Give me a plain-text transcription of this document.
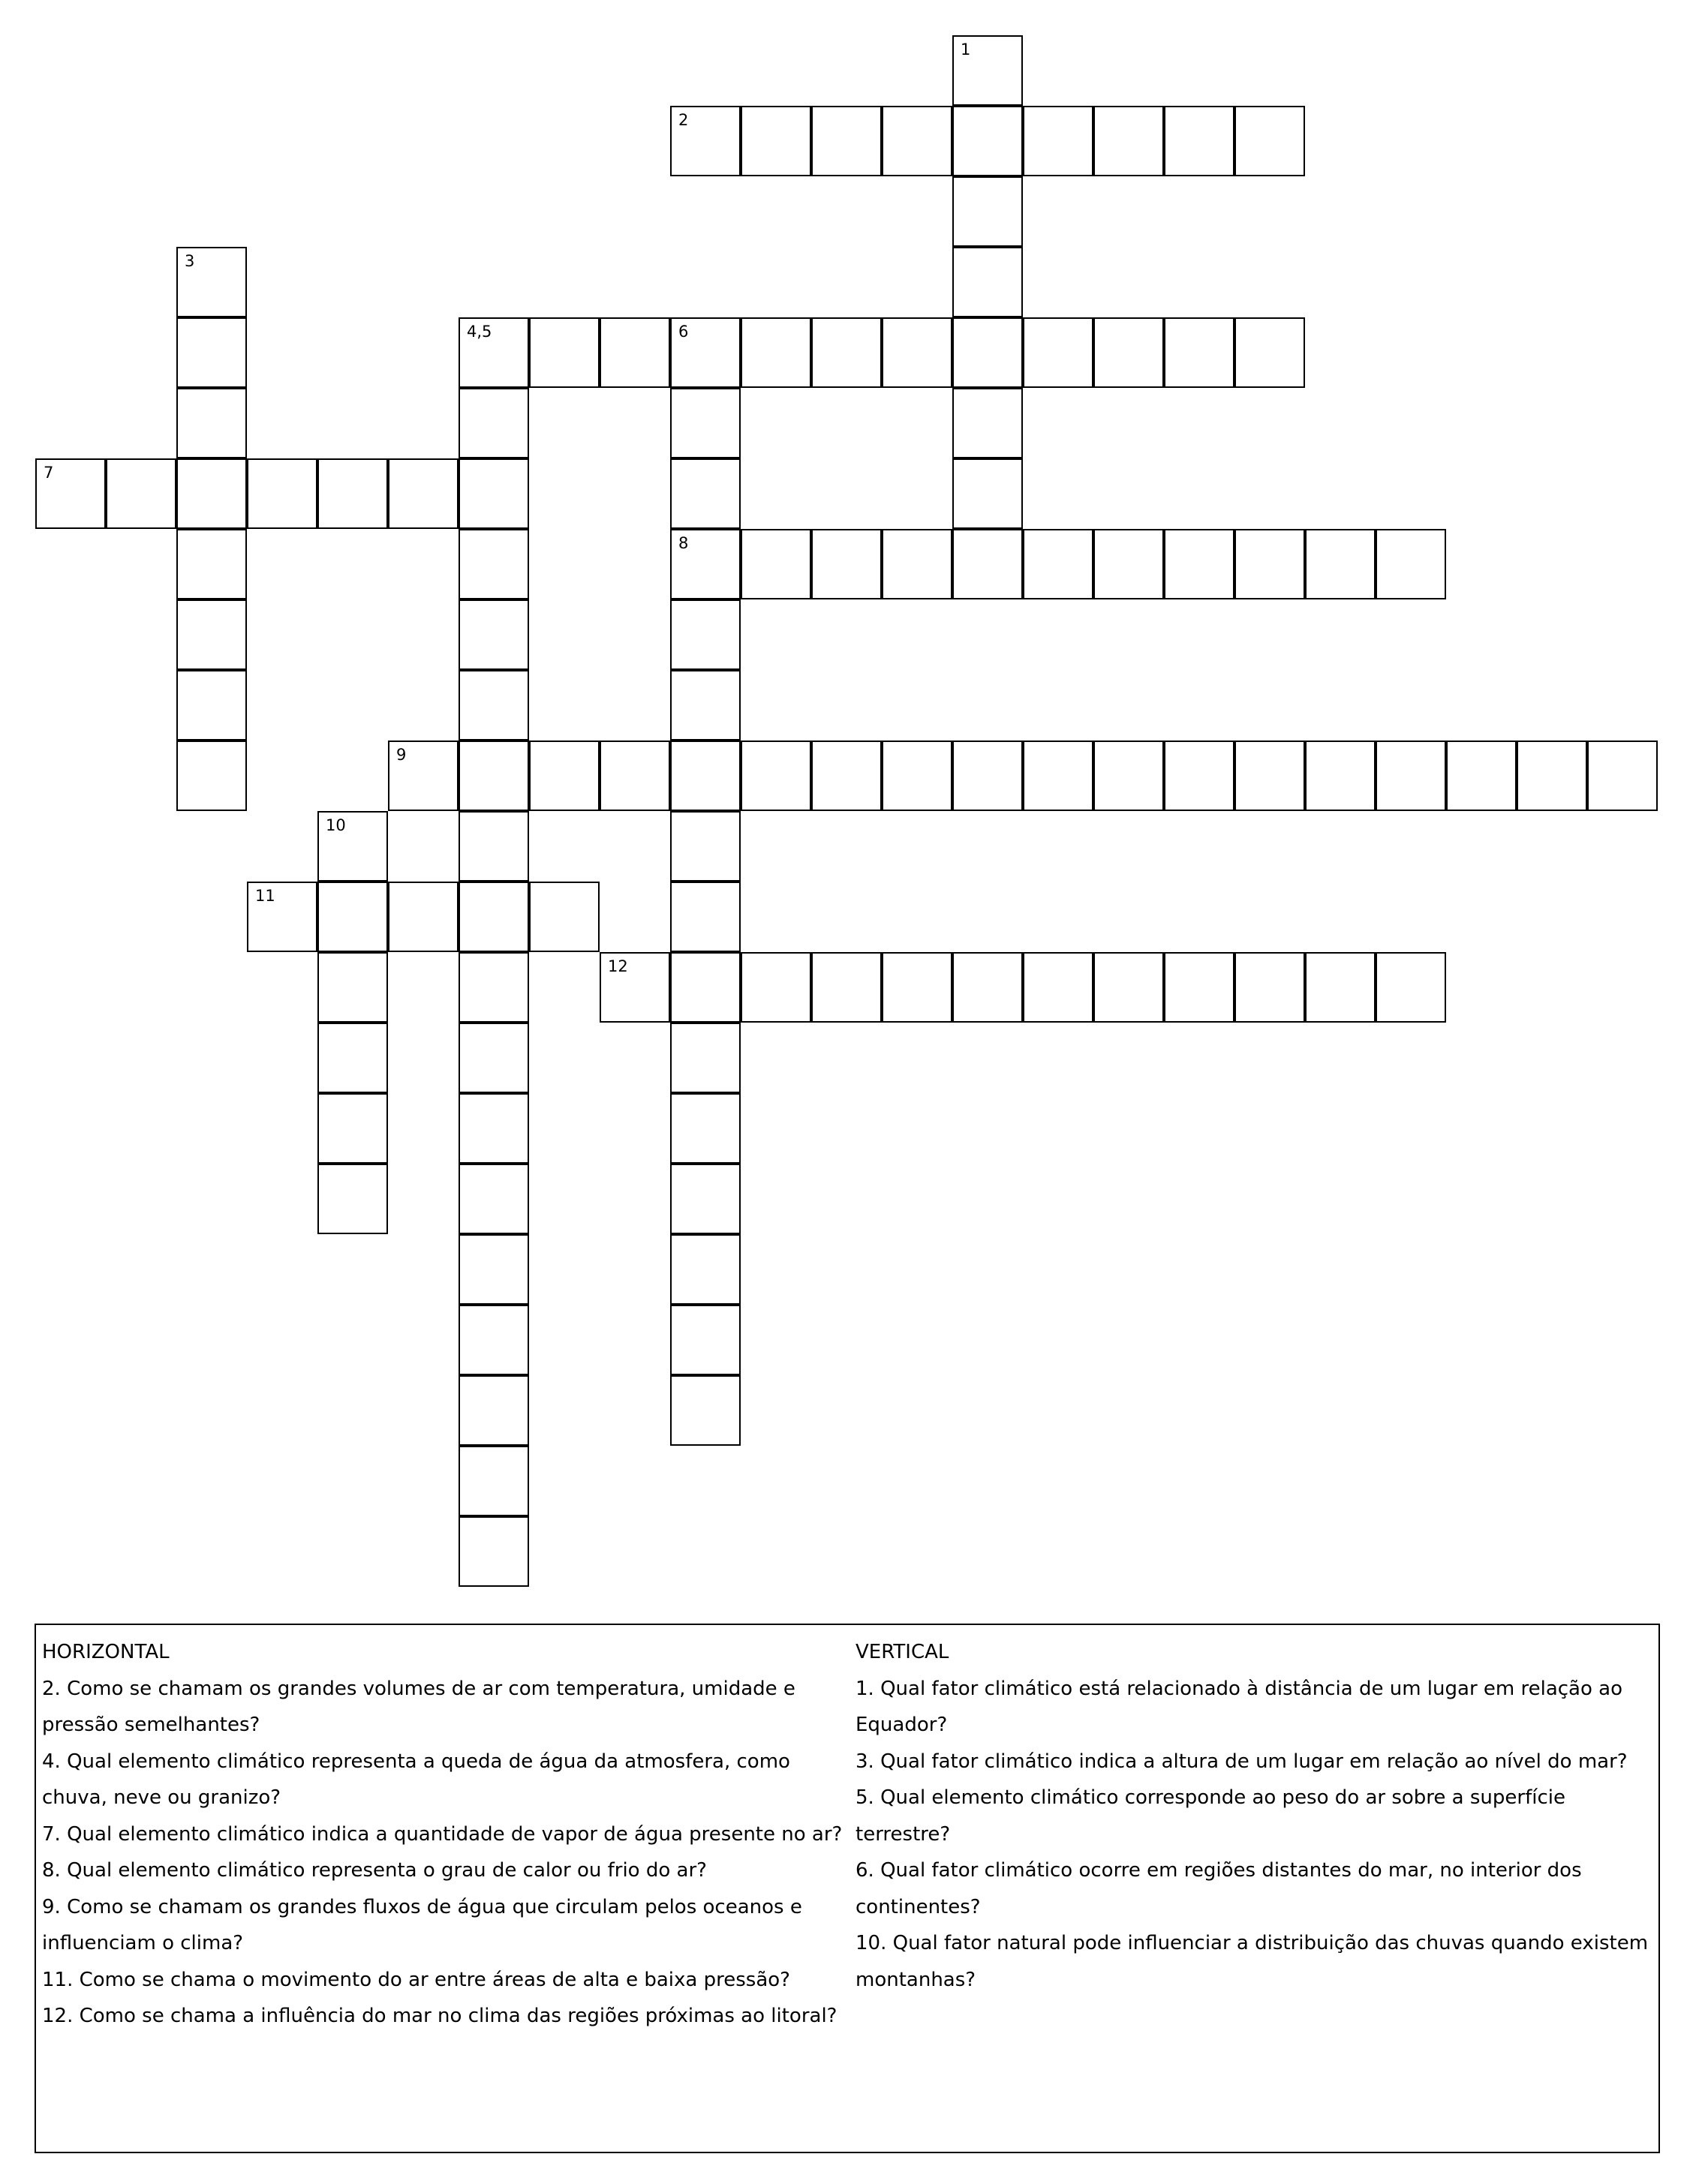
2
4,5	6
7
8
9
11
12
1
3
10
HORIZONTAL
2. Como se chamam os grandes volumes de ar com temperatura, umidade e pressão semelhantes?
4. Qual elemento climático representa a queda de água da atmosfera, como chuva, neve ou granizo?
7. Qual elemento climático indica a quantidade de vapor de água presente no ar?
8. Qual elemento climático representa o grau de calor ou frio do ar?
9. Como se chamam os grandes fluxos de água que circulam pelos oceanos e influenciam o clima?
11. Como se chama o movimento do ar entre áreas de alta e baixa pressão?
12. Como se chama a influência do mar no clima das regiões próximas ao litoral?
VERTICAL
1. Qual fator climático está relacionado à distância de um lugar em relação ao Equador?
3. Qual fator climático indica a altura de um lugar em relação ao nível do mar?
5. Qual elemento climático corresponde ao peso do ar sobre a superfície terrestre?
6. Qual fator climático ocorre em regiões distantes do mar, no interior dos continentes?
10. Qual fator natural pode influenciar a distribuição das chuvas quando existem montanhas?
